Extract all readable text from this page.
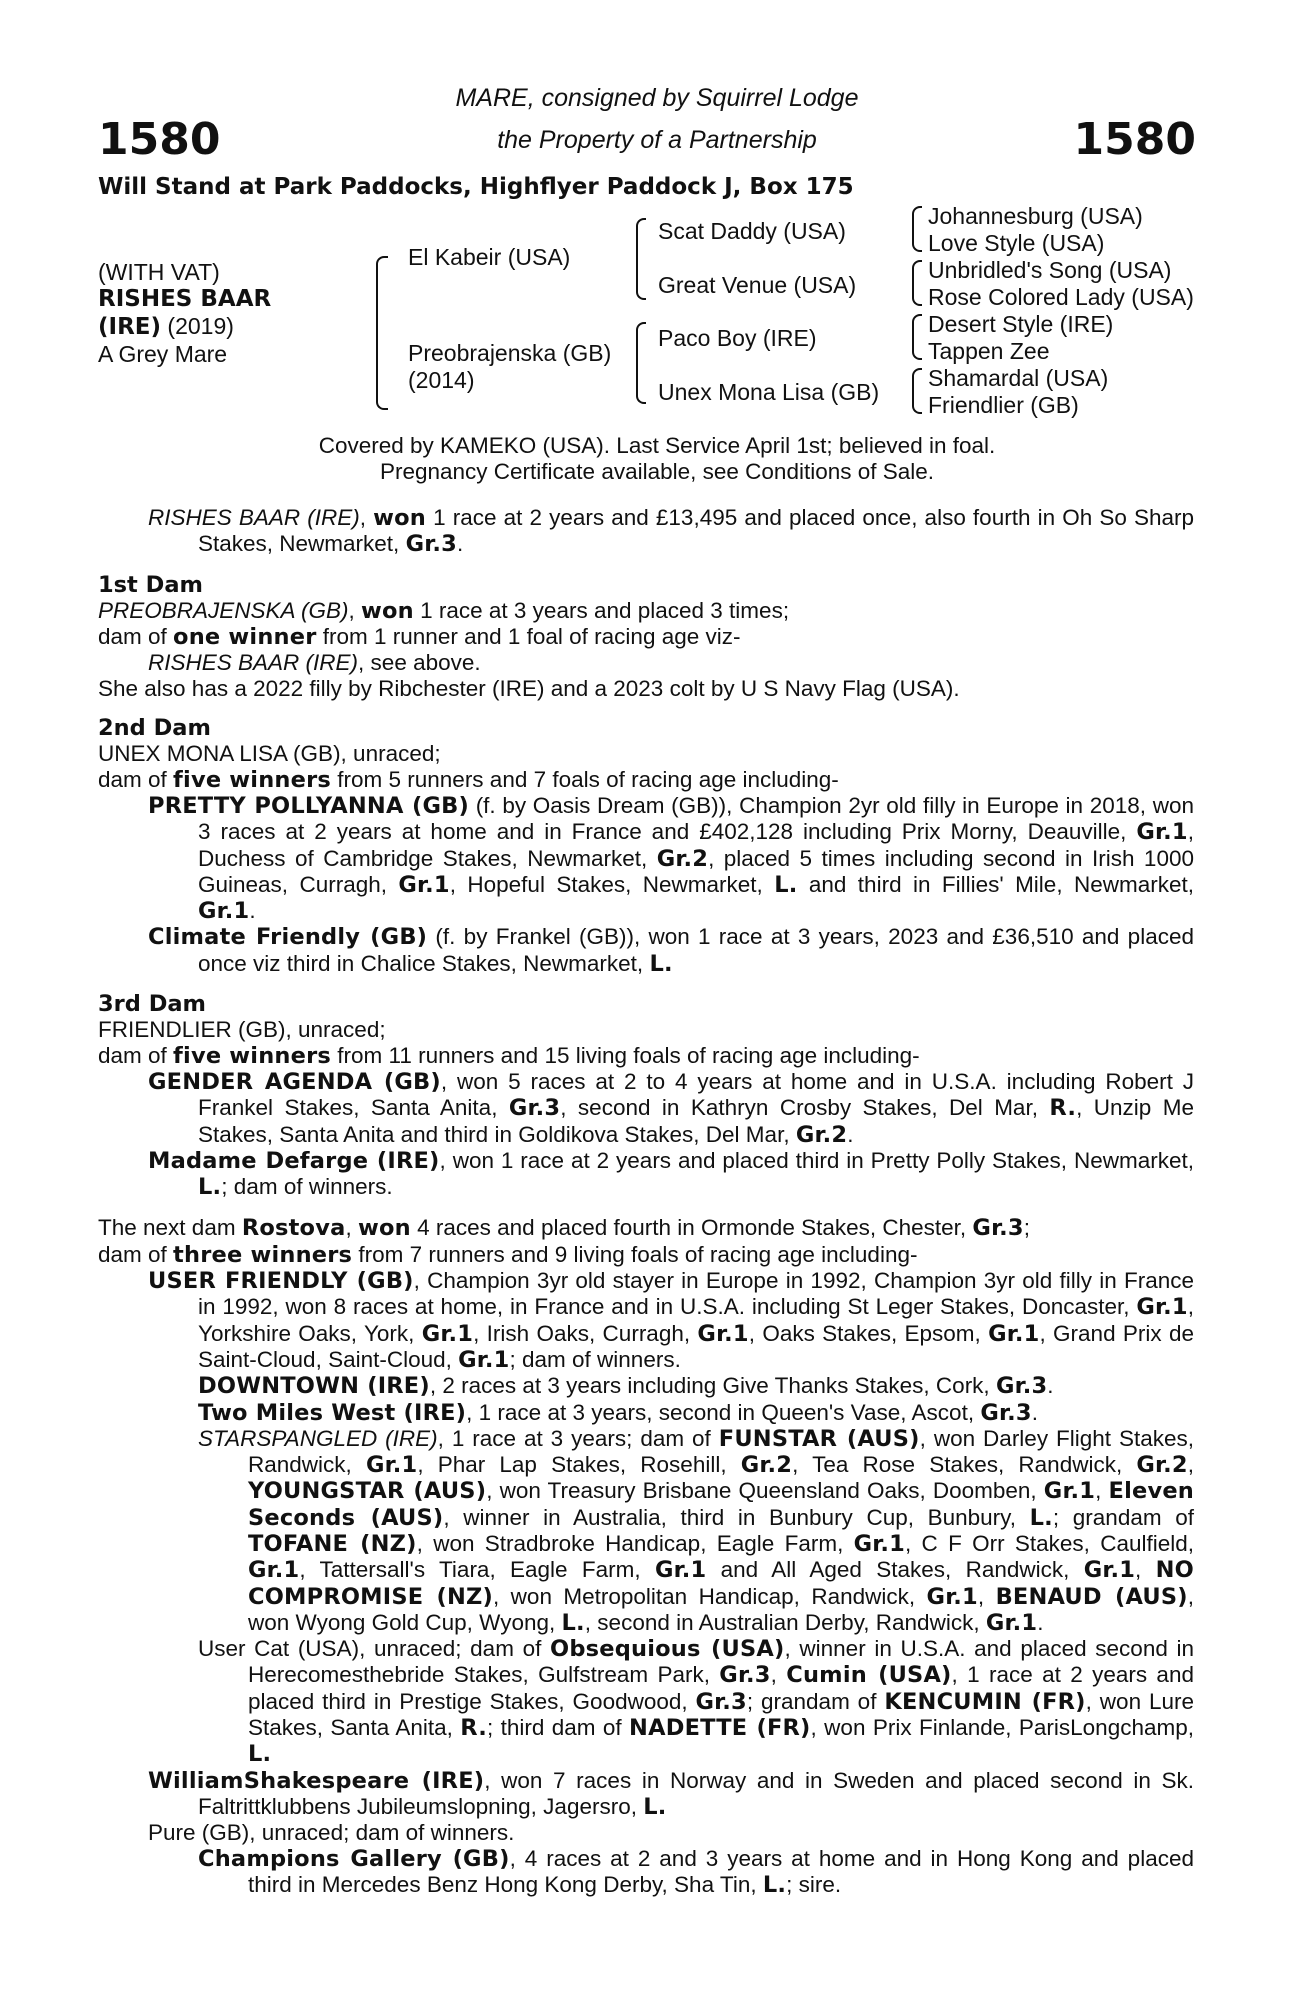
1580	1580
MARE, consigned by Squirrel Lodge
the Property of a Partnership
Will Stand at Park Paddocks, Highflyer Paddock J, Box 175
(WITH VAT)
RISHES BAAR
(IRE) (2019)
A Grey Mare
El Kabeir (USA)
Preobrajenska (GB)
(2014)
Scat Daddy (USA)
Great Venue (USA)
Paco Boy (IRE)
Unex Mona Lisa (GB)
Johannesburg (USA)
Love Style (USA)
Unbridled's Song (USA)
Rose Colored Lady (USA)
Desert Style (IRE)
Tappen Zee
Shamardal (USA)
Friendlier (GB)
Covered by KAMEKO (USA). Last Service April 1st; believed in foal.
Pregnancy Certificate available, see Conditions of Sale.

RISHES BAAR (IRE), won 1 race at 2 years and £13,495 and placed once, also fourth in Oh So Sharp Stakes, Newmarket, Gr.3.

1st Dam

PREOBRAJENSKA (GB), won 1 race at 3 years and placed 3 times;

dam of one winner from 1 runner and 1 foal of racing age viz-

RISHES BAAR (IRE), see above.

She also has a 2022 filly by Ribchester (IRE) and a 2023 colt by U S Navy Flag (USA).

2nd Dam

UNEX MONA LISA (GB), unraced;

dam of five winners from 5 runners and 7 foals of racing age including-

PRETTY POLLYANNA (GB) (f. by Oasis Dream (GB)), Champion 2yr old filly in Europe in 2018, won 3 races at 2 years at home and in France and £402,128 including Prix Morny, Deauville, Gr.1, Duchess of Cambridge Stakes, Newmarket, Gr.2, placed 5 times including second in Irish 1000 Guineas, Curragh, Gr.1, Hopeful Stakes, Newmarket, L. and third in Fillies' Mile, Newmarket, Gr.1.

Climate Friendly (GB) (f. by Frankel (GB)), won 1 race at 3 years, 2023 and £36,510 and placed once viz third in Chalice Stakes, Newmarket, L.

3rd Dam

FRIENDLIER (GB), unraced;

dam of five winners from 11 runners and 15 living foals of racing age including-

GENDER AGENDA (GB), won 5 races at 2 to 4 years at home and in U.S.A. including Robert J Frankel Stakes, Santa Anita, Gr.3, second in Kathryn Crosby Stakes, Del Mar, R., Unzip Me Stakes, Santa Anita and third in Goldikova Stakes, Del Mar, Gr.2.

Madame Defarge (IRE), won 1 race at 2 years and placed third in Pretty Polly Stakes, Newmarket, L.; dam of winners.

The next dam Rostova, won 4 races and placed fourth in Ormonde Stakes, Chester, Gr.3;

dam of three winners from 7 runners and 9 living foals of racing age including-

USER FRIENDLY (GB), Champion 3yr old stayer in Europe in 1992, Champion 3yr old filly in France in 1992, won 8 races at home, in France and in U.S.A. including St Leger Stakes, Doncaster, Gr.1, Yorkshire Oaks, York, Gr.1, Irish Oaks, Curragh, Gr.1, Oaks Stakes, Epsom, Gr.1, Grand Prix de Saint-Cloud, Saint-Cloud, Gr.1; dam of winners.

DOWNTOWN (IRE), 2 races at 3 years including Give Thanks Stakes, Cork, Gr.3.

Two Miles West (IRE), 1 race at 3 years, second in Queen's Vase, Ascot, Gr.3.

STARSPANGLED (IRE), 1 race at 3 years; dam of FUNSTAR (AUS), won Darley Flight Stakes, Randwick, Gr.1, Phar Lap Stakes, Rosehill, Gr.2, Tea Rose Stakes, Randwick, Gr.2, YOUNGSTAR (AUS), won Treasury Brisbane Queensland Oaks, Doomben, Gr.1, Eleven Seconds (AUS), winner in Australia, third in Bunbury Cup, Bunbury, L.; grandam of TOFANE (NZ), won Stradbroke Handicap, Eagle Farm, Gr.1, C F Orr Stakes, Caulfield, Gr.1, Tattersall's Tiara, Eagle Farm, Gr.1 and All Aged Stakes, Randwick, Gr.1, NO COMPROMISE (NZ), won Metropolitan Handicap, Randwick, Gr.1, BENAUD (AUS), won Wyong Gold Cup, Wyong, L., second in Australian Derby, Randwick, Gr.1.

User Cat (USA), unraced; dam of Obsequious (USA), winner in U.S.A. and placed second in Herecomesthebride Stakes, Gulfstream Park, Gr.3, Cumin (USA), 1 race at 2 years and placed third in Prestige Stakes, Goodwood, Gr.3; grandam of KENCUMIN (FR), won Lure Stakes, Santa Anita, R.; third dam of NADETTE (FR), won Prix Finlande, ParisLongchamp, L.

WilliamShakespeare (IRE), won 7 races in Norway and in Sweden and placed second in Sk. Faltrittklubbens Jubileumslopning, Jagersro, L.

Pure (GB), unraced; dam of winners.

Champions Gallery (GB), 4 races at 2 and 3 years at home and in Hong Kong and placed third in Mercedes Benz Hong Kong Derby, Sha Tin, L.; sire.
